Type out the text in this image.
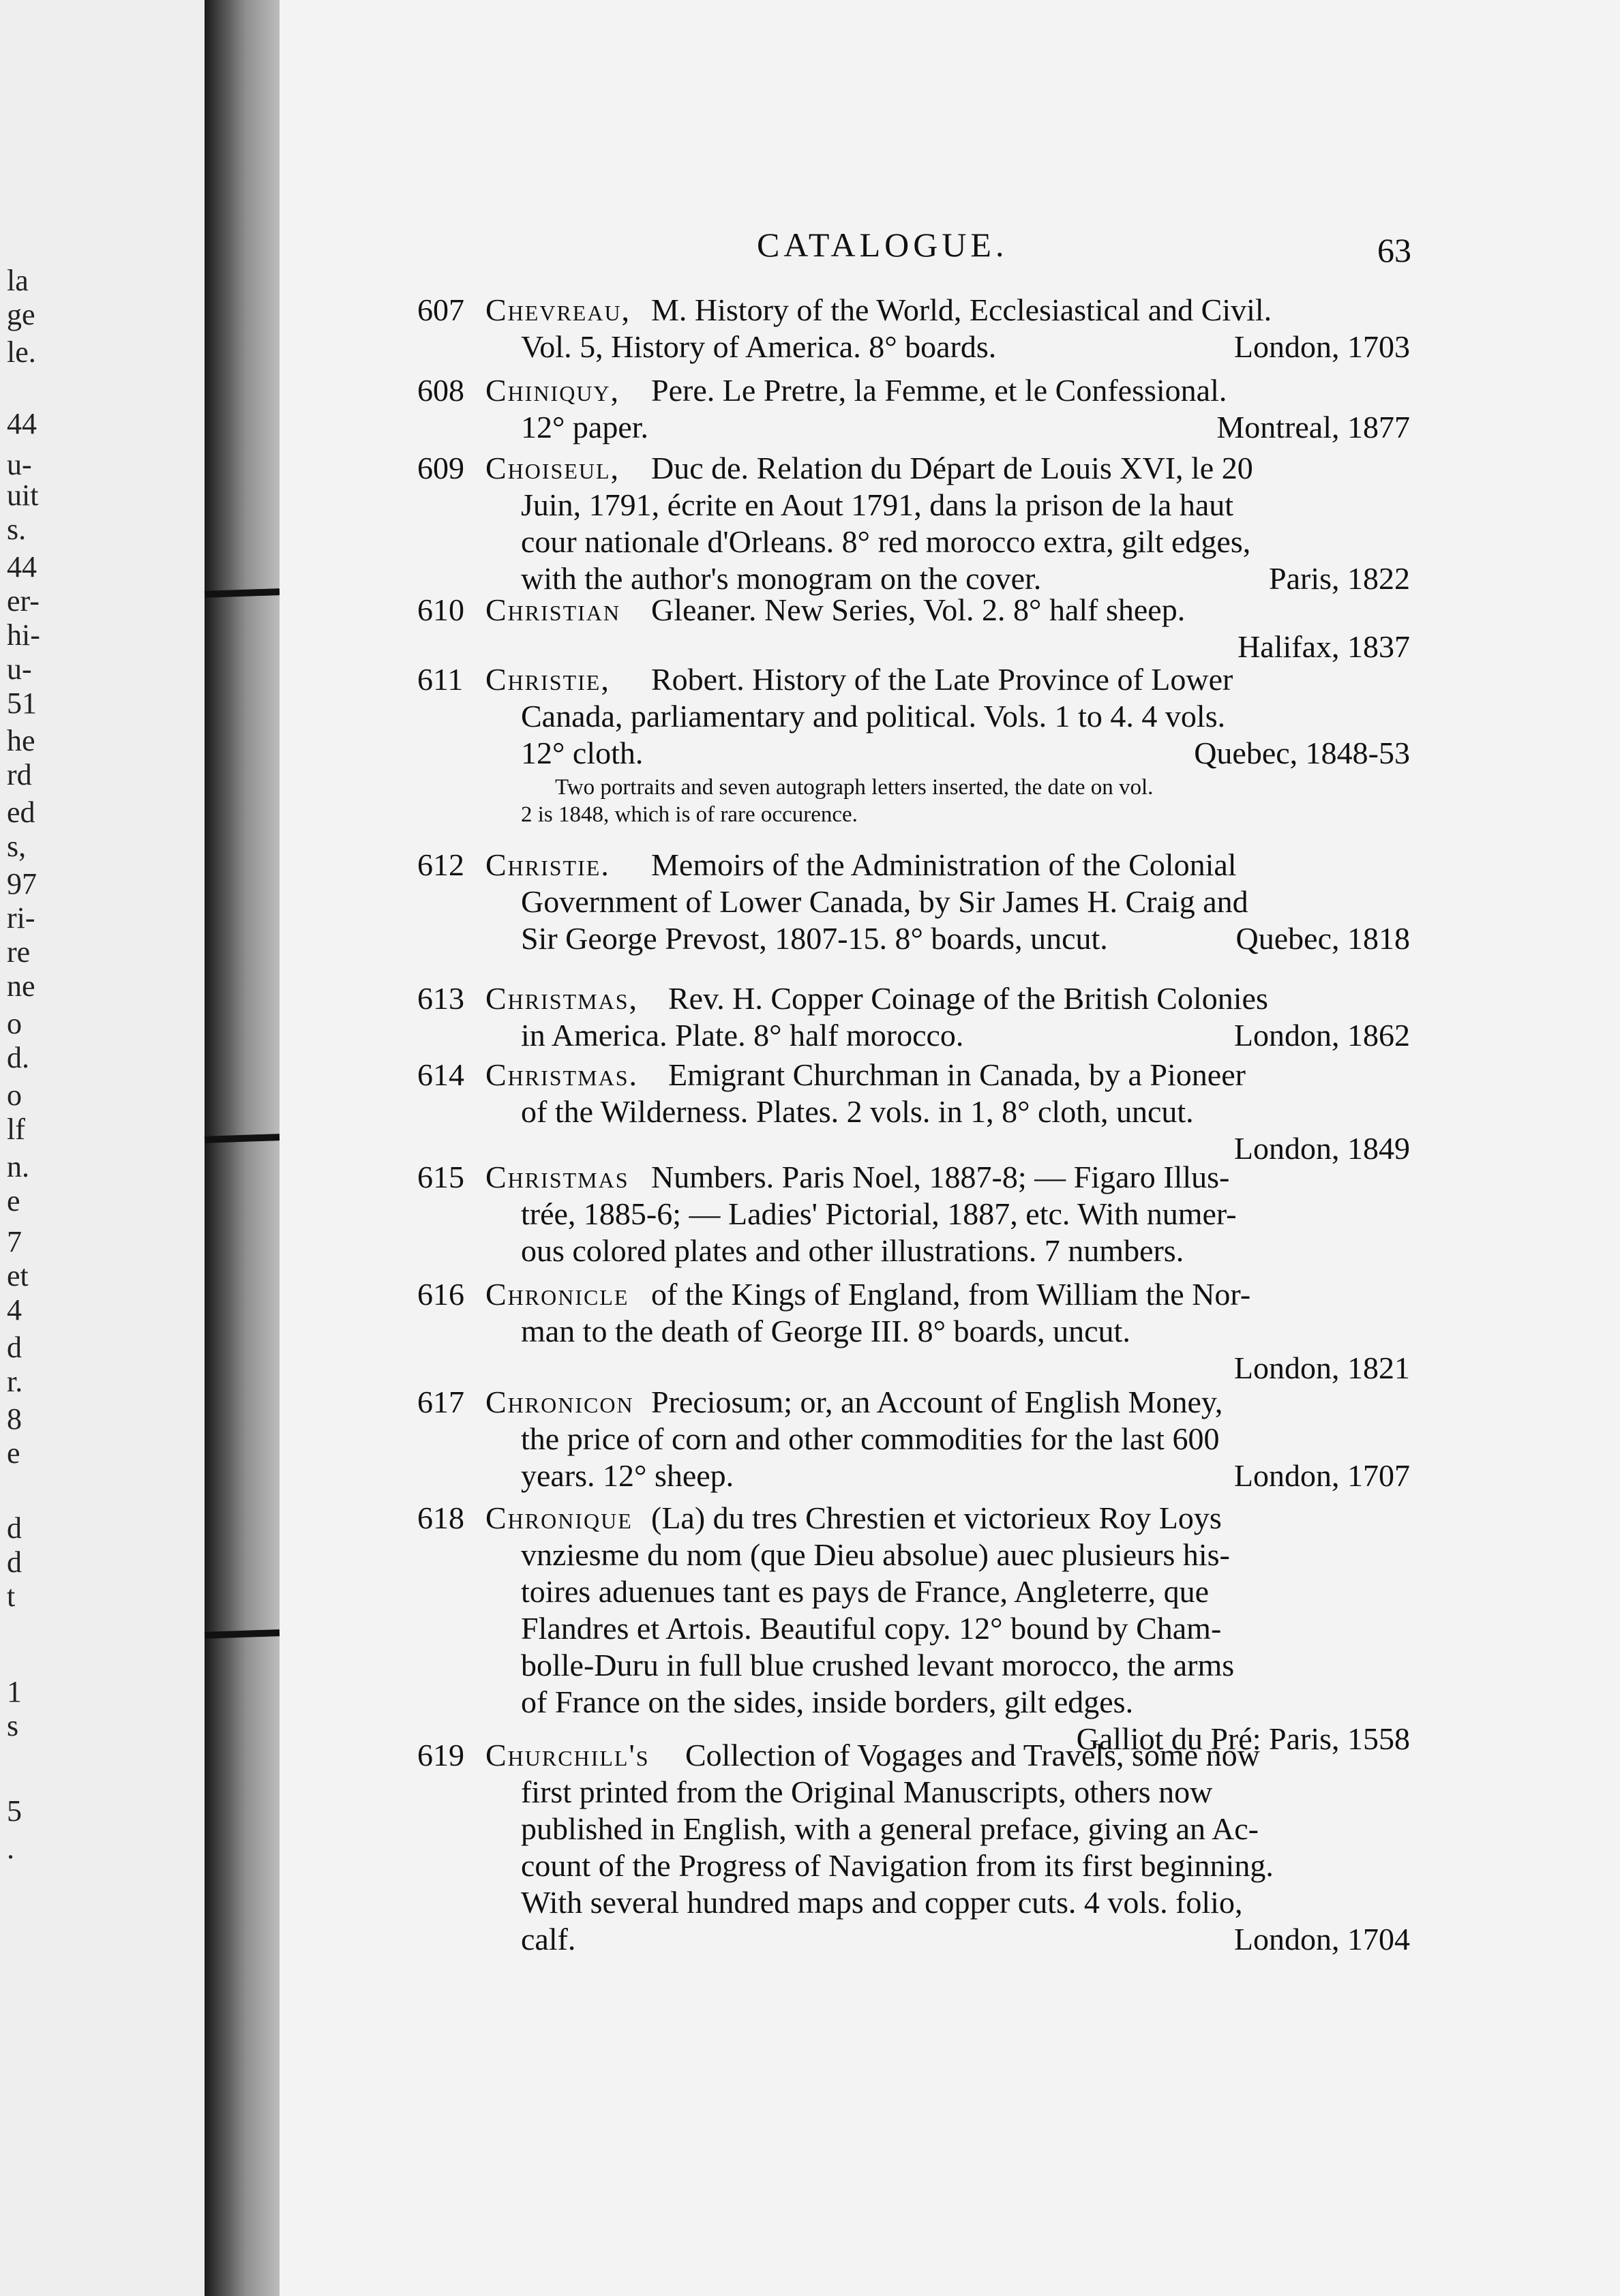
la
ge
le.
44
u-
uit
s.
44
er-
hi-
u-
51
he
rd
ed
s,
97
ri-
re
ne
o
d.
o
lf
n.
e
7
et
4
d
r.
8
e
d
d
t
1
s
5
.
CATALOGUE.	63
607 Chevreau, M. History of the World, Ecclesiastical and Civil.
Vol. 5, History of America. 8° boards.	London, 1703
608 Chiniquy, Pere. Le Pretre, la Femme, et le Confessional.
12° paper.	Montreal, 1877
609 Choiseul, Duc de. Relation du Départ de Louis XVI, le 20
Juin, 1791, écrite en Aout 1791, dans la prison de la haut
cour nationale d'Orleans. 8° red morocco extra, gilt edges,
with the author's monogram on the cover.	Paris, 1822
610 Christian Gleaner. New Series, Vol. 2. 8° half sheep.
Halifax, 1837
611 Christie, Robert. History of the Late Province of Lower
Canada, parliamentary and political. Vols. 1 to 4. 4 vols.
12° cloth.	Quebec, 1848-53
Two portraits and seven autograph letters inserted, the date on vol.
2 is 1848, which is of rare occurence.
612 Christie. Memoirs of the Administration of the Colonial
Government of Lower Canada, by Sir James H. Craig and
Sir George Prevost, 1807-15. 8° boards, uncut.	Quebec, 1818
613 Christmas, Rev. H. Copper Coinage of the British Colonies
in America. Plate. 8° half morocco.	London, 1862
614 Christmas. Emigrant Churchman in Canada, by a Pioneer
of the Wilderness. Plates. 2 vols. in 1, 8° cloth, uncut.
London, 1849
615 Christmas Numbers. Paris Noel, 1887-8; — Figaro Illus-
trée, 1885-6; — Ladies' Pictorial, 1887, etc. With numer-
ous colored plates and other illustrations. 7 numbers.
616 Chronicle of the Kings of England, from William the Nor-
man to the death of George III. 8° boards, uncut.
London, 1821
617 Chronicon Preciosum; or, an Account of English Money,
the price of corn and other commodities for the last 600
years. 12° sheep.	London, 1707
618 Chronique (La) du tres Chrestien et victorieux Roy Loys
vnziesme du nom (que Dieu absolue) auec plusieurs his-
toires aduenues tant es pays de France, Angleterre, que
Flandres et Artois. Beautiful copy. 12° bound by Cham-
bolle-Duru in full blue crushed levant morocco, the arms
of France on the sides, inside borders, gilt edges.
Galliot du Pré: Paris, 1558
619 Churchill's Collection of Vogages and Travels, some now
first printed from the Original Manuscripts, others now
published in English, with a general preface, giving an Ac-
count of the Progress of Navigation from its first beginning.
With several hundred maps and copper cuts. 4 vols. folio,
calf.	London, 1704
